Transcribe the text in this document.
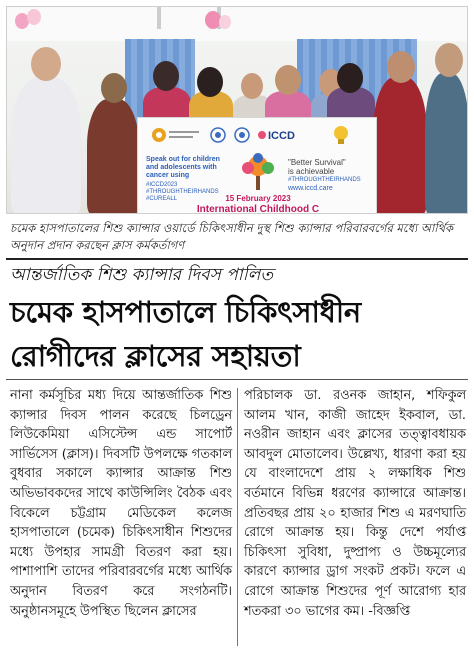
ICCD
Speak out for children and adolescents with cancer using
#ICCD2023 #THROUGHTHEIRHANDS #CUREALL
"Better Survival"
is achievable
#THROUGHTHEIRHANDS
www.iccd.care
15 February 2023
International Childhood C
চমেক হাসপাতালের শিশু ক্যান্সার ওয়ার্ডে চিকিৎসাধীন দুস্থ শিশু ক্যান্সার পরিবারবর্গের মধ্যে আর্থিক অনুদান প্রদান করছেন ক্লাস কর্মকর্তাগণ
আন্তর্জাতিক শিশু ক্যান্সার দিবস পালিত
চমেক হাসপাতালে চিকিৎসাধীন রোগীদের ক্লাসের সহায়তা

নানা কর্মসূচির মধ্য দিয়ে আন্তর্জাতিক শিশু ক্যান্সার দিবস পালন করেছে চিলড্রেন লিউকেমিয়া এসিস্টেন্স এন্ড সাপোর্ট সার্ভিসেস (ক্লাস)। দিবসটি উপলক্ষে গতকাল বুধবার সকালে ক্যান্সার আক্রান্ত শিশু অভিভাবকদের সাথে কাউন্সিলিং বৈঠক এবং বিকেলে চট্টগ্রাম মেডিকেল কলেজ হাসপাতালে (চমেক) চিকিৎসাধীন শিশুদের মধ্যে উপহার সামগ্রী বিতরণ করা হয়। পাশাপাশি তাদের পরিবারবর্গের মধ্যে আর্থিক অনুদান বিতরণ করে সংগঠনটি। অনুষ্ঠানসমূহে উপস্থিত ছিলেন ক্লাসের

পরিচালক ডা. রওনক জাহান, শফিকুল আলম খান, কাজী জাহেদ ইকবাল, ডা. নওরীন জাহান এবং ক্লাসের তত্ত্বাবধায়ক আবদুল মোতালেব। উল্লেখ্য, ধারণা করা হয় যে বাংলাদেশে প্রায় ২ লক্ষাধিক শিশু বর্তমানে বিভিন্ন ধরণের ক্যান্সারে আক্রান্ত। প্রতিবছর প্রায় ২০ হাজার শিশু এ মরণঘাতি রোগে আক্রান্ত হয়। কিন্তু দেশে পর্যাপ্ত চিকিৎসা সুবিধা, দুষ্প্রাপ্য ও উচ্চমূল্যের কারণে ক্যান্সার ড্রাগ সংকট প্রকট। ফলে এ রোগে আক্রান্ত শিশুদের পূর্ণ আরোগ্য হার শতকরা ৩০ ভাগের কম। -বিজ্ঞপ্তি
